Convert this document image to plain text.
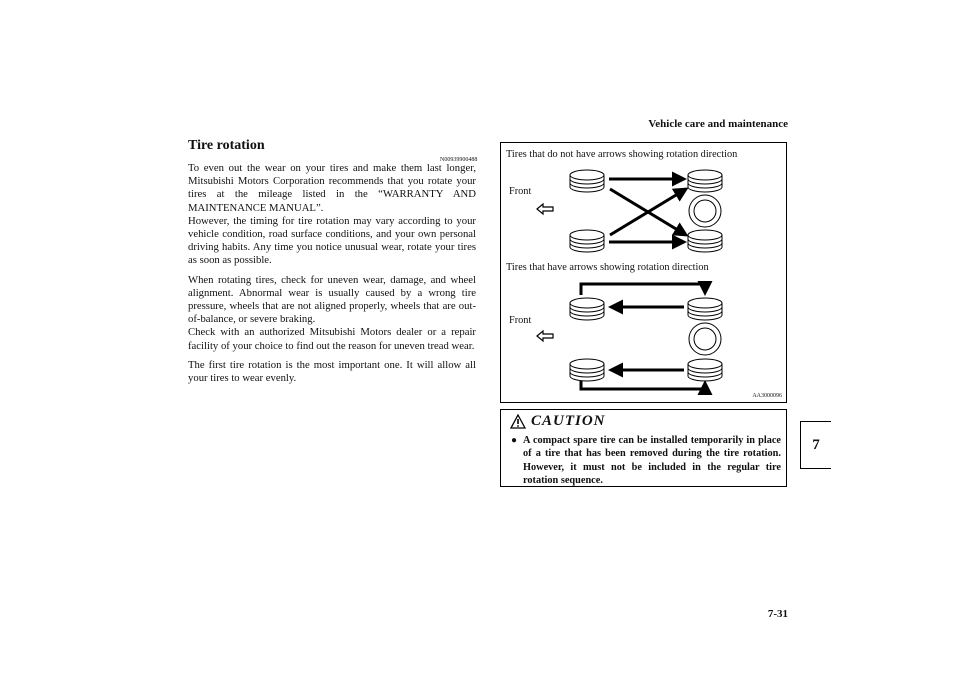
Vehicle care and maintenance
7-31
7
Tire rotation
N00939900488

To even out the wear on your tires and make them last longer, Mitsubishi Motors Corporation recommends that you rotate your tires at the mileage listed in the “WARRANTY AND MAINTENANCE MANUAL”.

However, the timing for tire rotation may vary according to your vehicle condition, road surface conditions, and your own personal driving habits. Any time you notice unusual wear, rotate your tires as soon as possible.

When rotating tires, check for uneven wear, damage, and wheel alignment. Abnormal wear is usually caused by a wrong tire pressure, wheels that are not aligned properly, wheels that are out-of-balance, or severe braking.

Check with an authorized Mitsubishi Motors dealer or a repair facility of your choice to find out the reason for uneven tread wear.

The first tire rotation is the most important one. It will allow all your tires to wear evenly.

Tires that do not have arrows showing rotation direction
Front
Tires that have arrows showing rotation direction
Front
AA3000096
CAUTION
● A compact spare tire can be installed temporarily in place of a tire that has been removed during the tire rotation. However, it must not be included in the regular tire rotation sequence.
